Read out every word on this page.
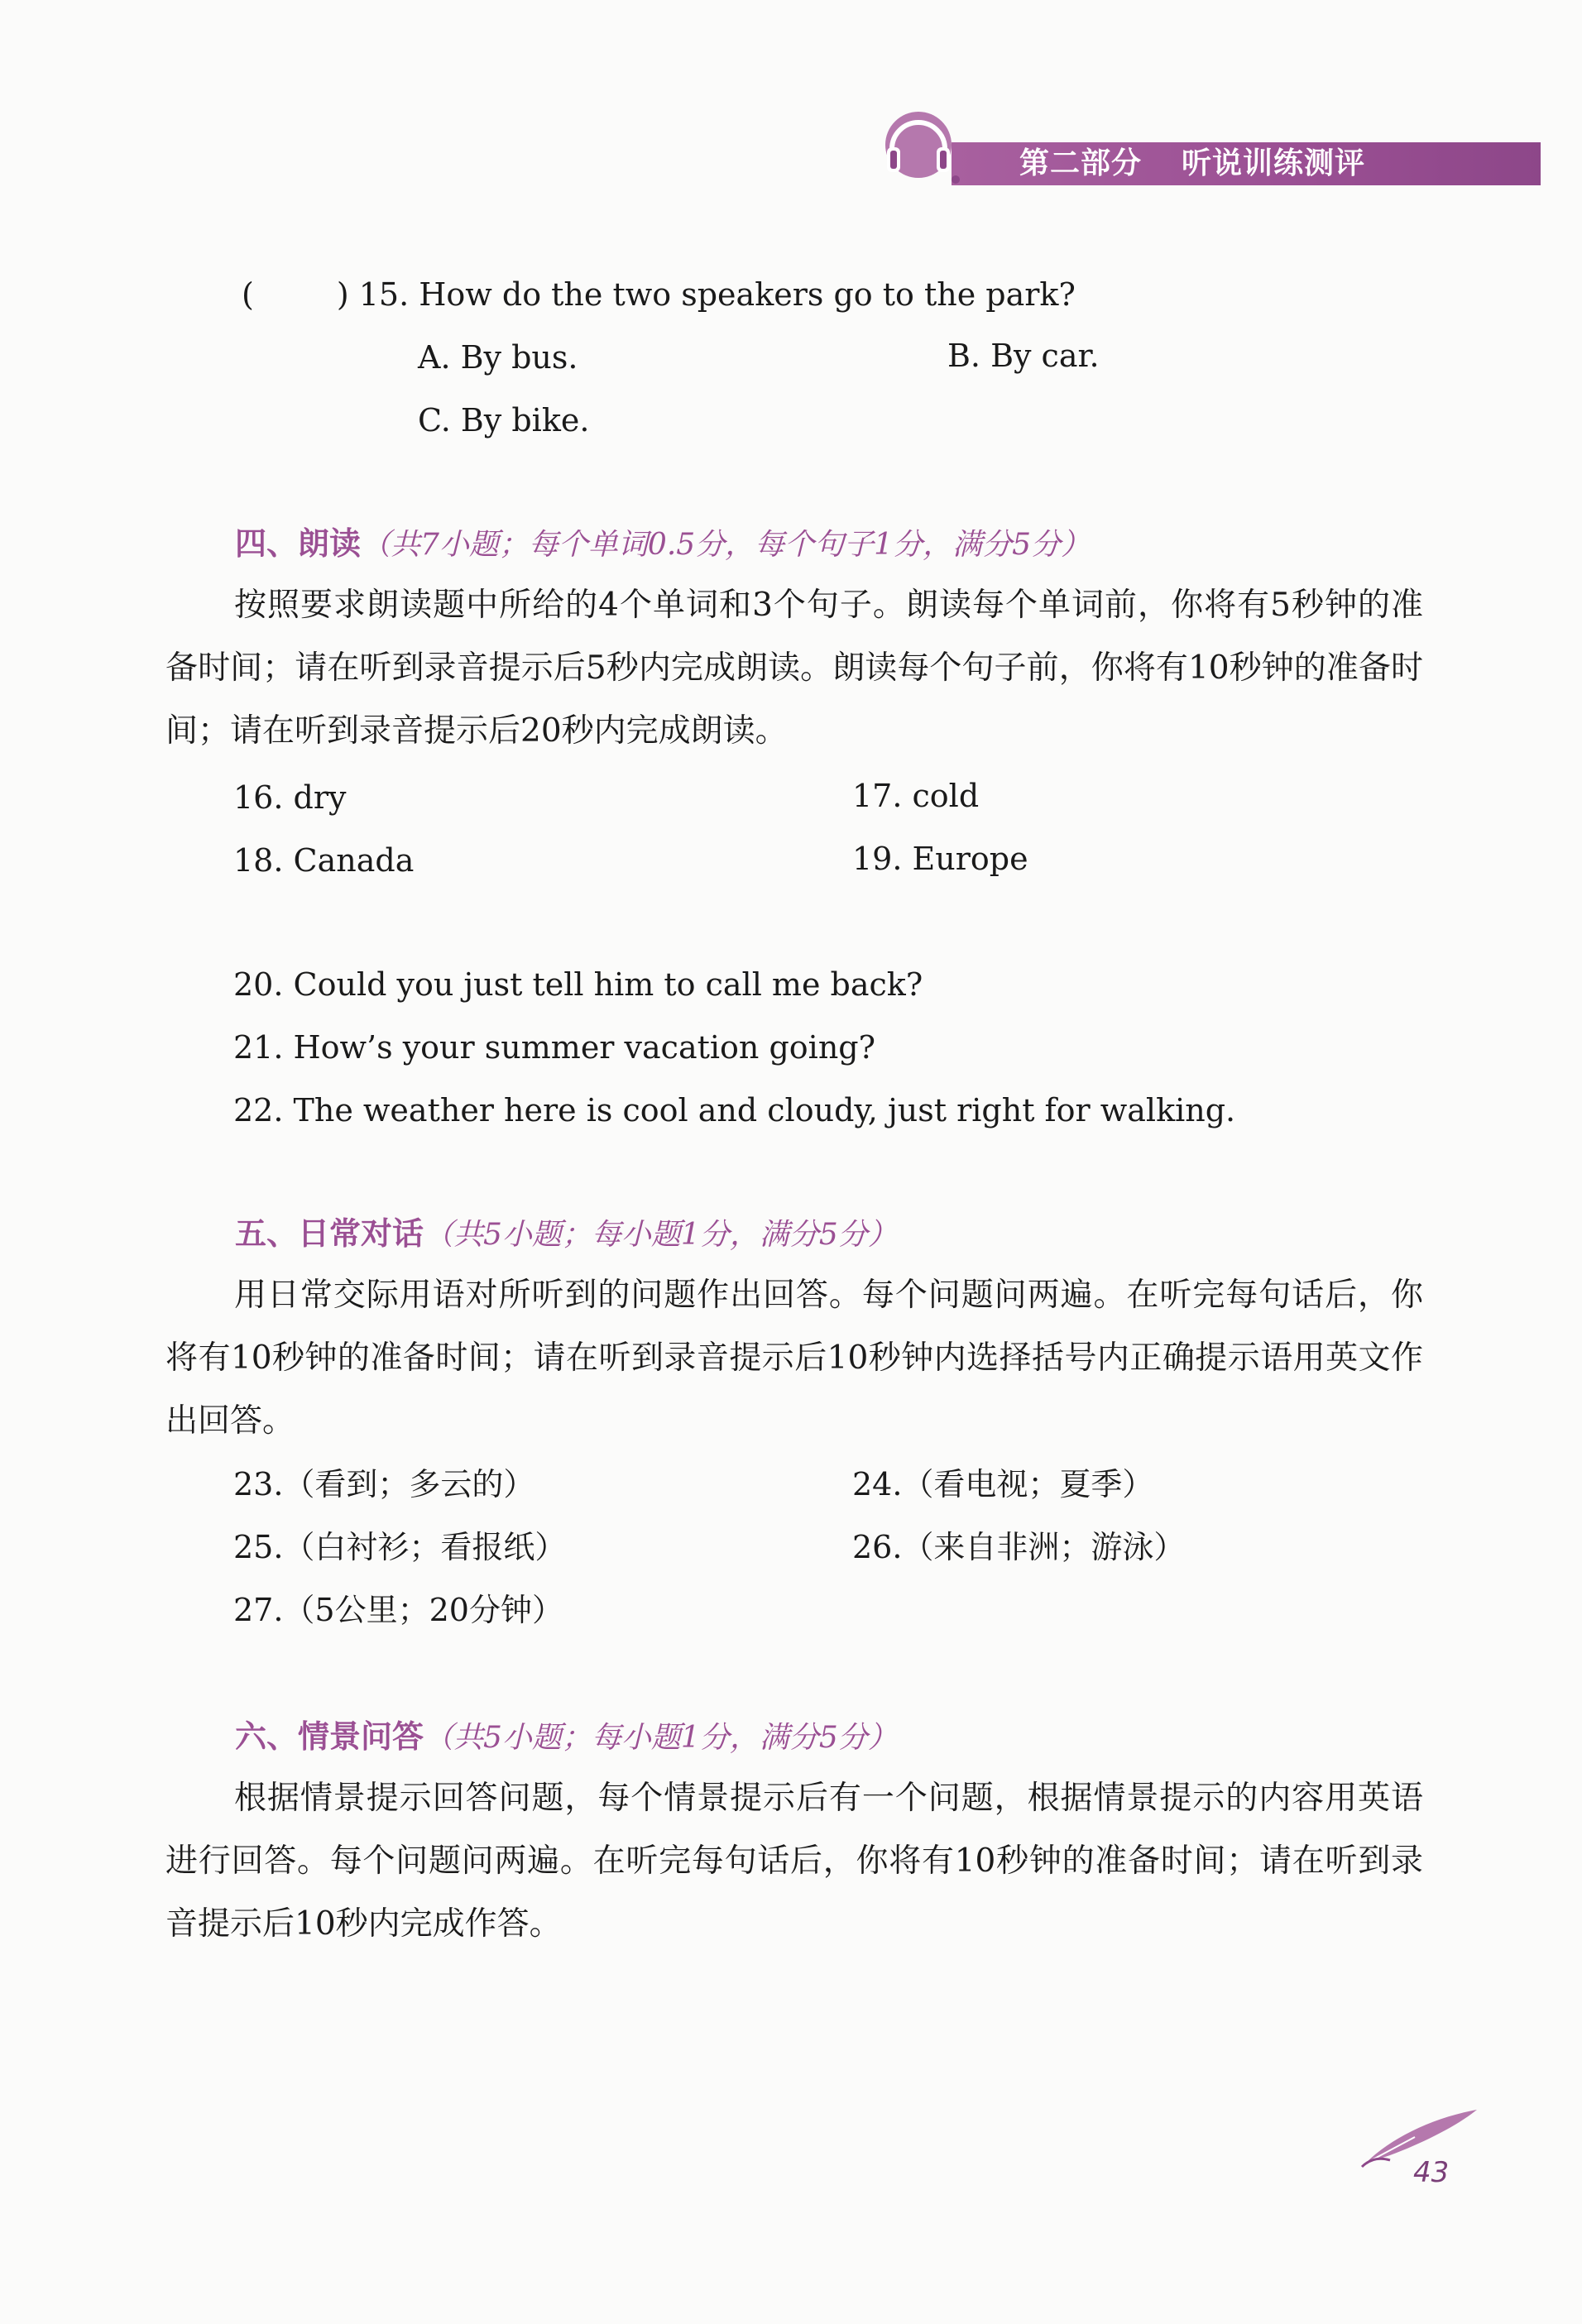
第二部分 听说训练测评
(	) 15. How do the two speakers go to the park?
A. By bus.	B. By car.
C. By bike.
四、朗读（共7小题；每个单词0.5分，每个句子1分，满分5分）
按照要求朗读题中所给的4个单词和3个句子。朗读每个单词前，你将有5秒钟的准备时间；请在听到录音提示后5秒内完成朗读。朗读每个句子前，你将有10秒钟的准备时间；请在听到录音提示后20秒内完成朗读。
16. dry	17. cold
18. Canada	19. Europe
20. Could you just tell him to call me back?
21. How’s your summer vacation going?
22. The weather here is cool and cloudy, just right for walking.
五、日常对话（共5小题；每小题1分，满分5分）
用日常交际用语对所听到的问题作出回答。每个问题问两遍。在听完每句话后，你将有10秒钟的准备时间；请在听到录音提示后10秒钟内选择括号内正确提示语用英文作出回答。
23.（看到；多云的）	24.（看电视；夏季）
25.（白衬衫；看报纸）	26.（来自非洲；游泳）
27.（5公里；20分钟）
六、情景问答（共5小题；每小题1分，满分5分）
根据情景提示回答问题，每个情景提示后有一个问题，根据情景提示的内容用英语进行回答。每个问题问两遍。在听完每句话后，你将有10秒钟的准备时间；请在听到录音提示后10秒内完成作答。
43
